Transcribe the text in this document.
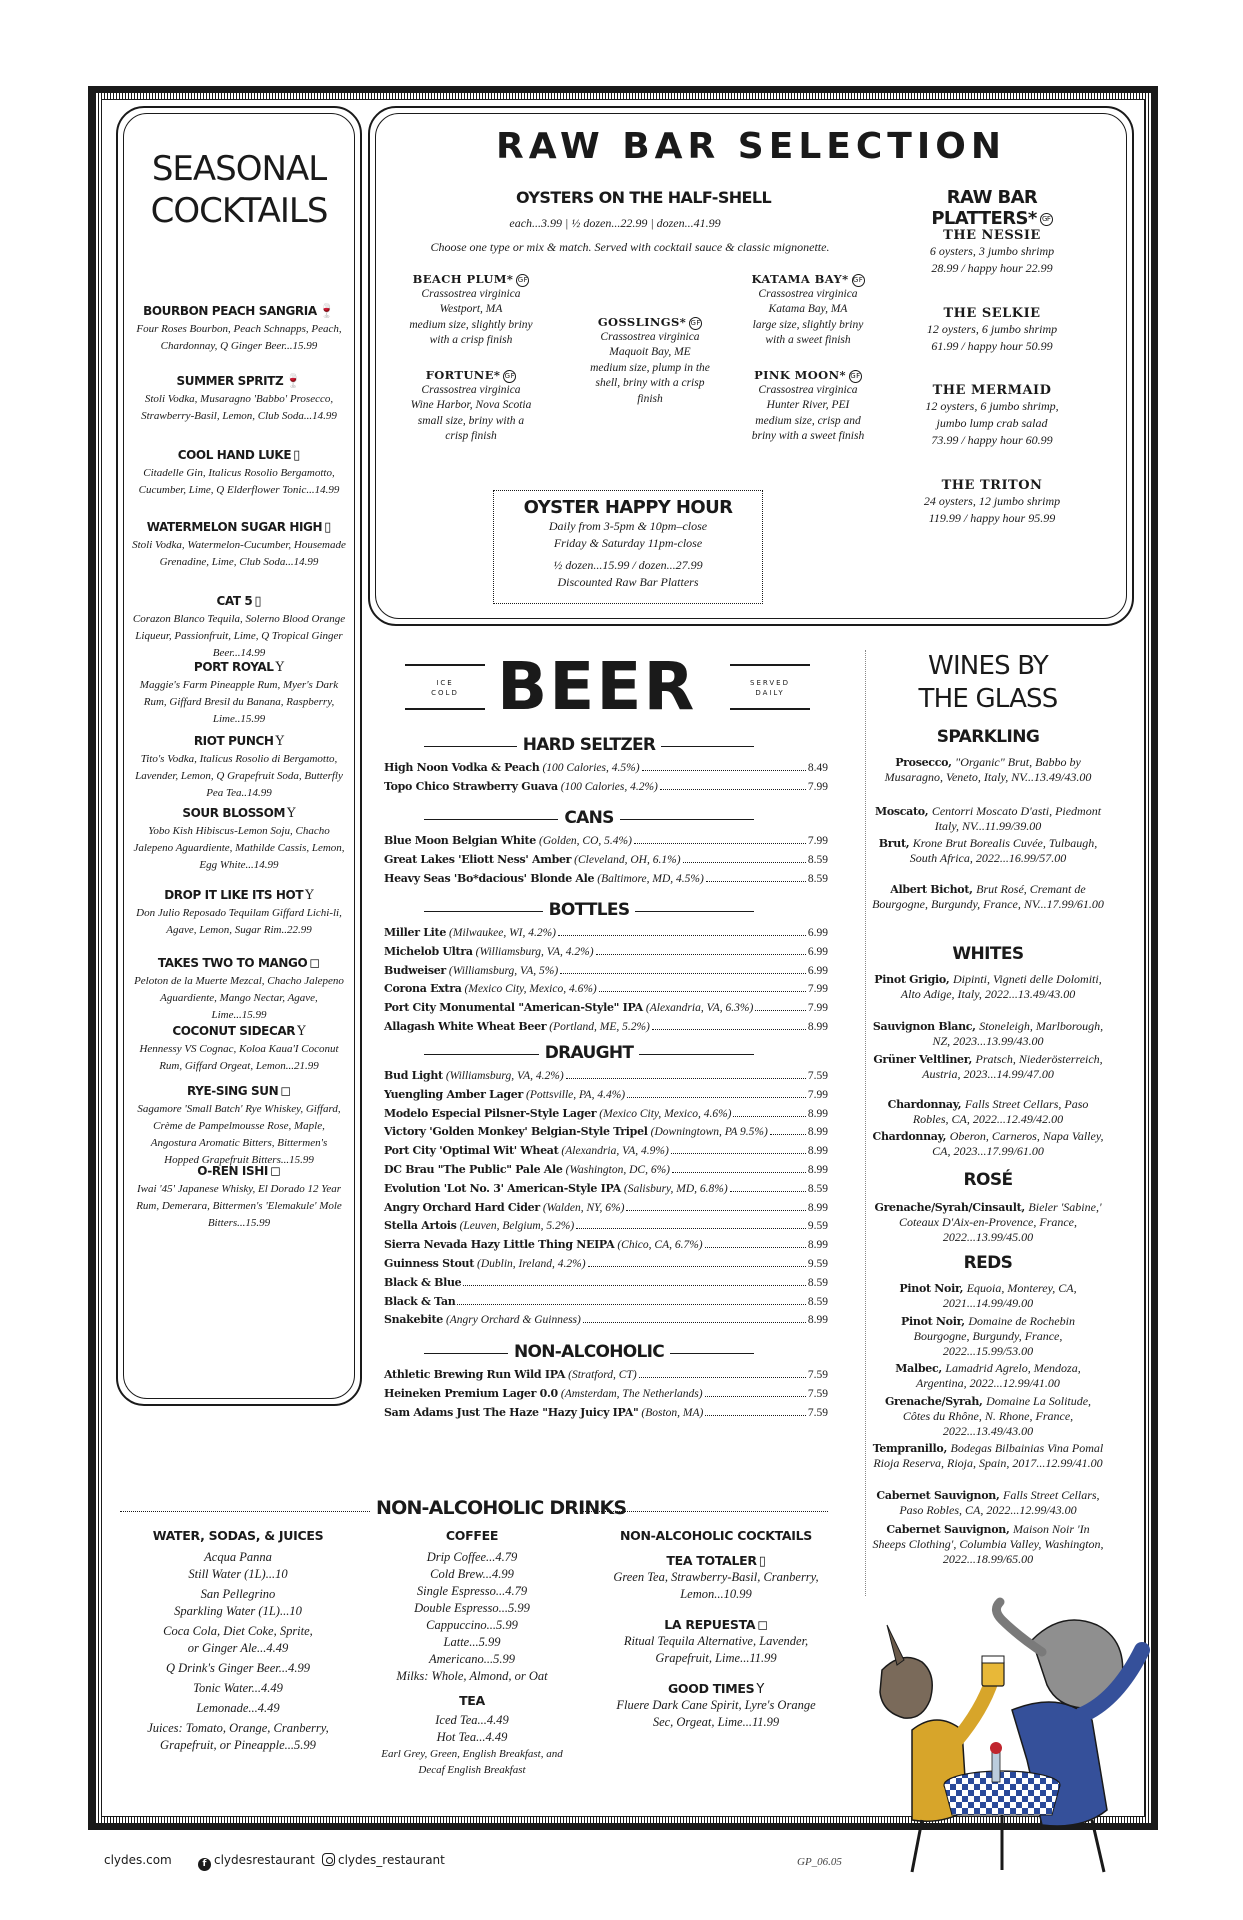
SEASONAL
COCKTAILS
BOURBON PEACH SANGRIA 🍷
Four Roses Bourbon, Peach Schnapps, Peach, Chardonnay, Q Ginger Beer...15.99
SUMMER SPRITZ 🍷
Stoli Vodka, Musaragno 'Babbo' Prosecco, Strawberry-Basil, Lemon, Club Soda...14.99
COOL HAND LUKE ▯
Citadelle Gin, Italicus Rosolio Bergamotto, Cucumber, Lime, Q Elderflower Tonic...14.99
WATERMELON SUGAR HIGH ▯
Stoli Vodka, Watermelon-Cucumber, Housemade Grenadine, Lime, Club Soda...14.99
CAT 5 ▯
Corazon Blanco Tequila, Solerno Blood Orange Liqueur, Passionfruit, Lime, Q Tropical Ginger Beer...14.99
PORT ROYAL Y
Maggie's Farm Pineapple Rum, Myer's Dark Rum, Giffard Bresil du Banana, Raspberry, Lime..15.99
RIOT PUNCH Y
Tito's Vodka, Italicus Rosolio di Bergamotto, Lavender, Lemon, Q Grapefruit Soda, Butterfly Pea Tea..14.99
SOUR BLOSSOM Y
Yobo Kish Hibiscus-Lemon Soju, Chacho Jalepeno Aguardiente, Mathilde Cassis, Lemon, Egg White...14.99
DROP IT LIKE ITS HOT Y
Don Julio Reposado Tequilam Giffard Lichi-li, Agave, Lemon, Sugar Rim..22.99
TAKES TWO TO MANGO ◻
Peloton de la Muerte Mezcal, Chacho Jalepeno Aguardiente, Mango Nectar, Agave, Lime...15.99
COCONUT SIDECAR Y
Hennessy VS Cognac, Koloa Kaua'I Coconut Rum, Giffard Orgeat, Lemon...21.99
RYE-SING SUN ◻
Sagamore 'Small Batch' Rye Whiskey, Giffard, Crème de Pampelmousse Rose, Maple, Angostura Aromatic Bitters, Bittermen's Hopped Grapefruit Bitters...15.99
O-REN ISHI ◻
Iwai '45' Japanese Whisky, El Dorado 12 Year Rum, Demerara, Bittermen's 'Elemakule' Mole Bitters...15.99
RAW BAR SELECTION
OYSTERS ON THE HALF-SHELL
each...3.99 | ½ dozen...22.99 | dozen...41.99
Choose one type or mix & match. Served with cocktail sauce & classic mignonette.
BEACH PLUM* GF
Crassostrea virginica
Westport, MA
medium size, slightly briny
with a crisp finish
FORTUNE* GF
Crassostrea virginica
Wine Harbor, Nova Scotia
small size, briny with a
crisp finish
GOSSLINGS* GF
Crassostrea virginica
Maquoit Bay, ME
medium size, plump in the
shell, briny with a crisp
finish
KATAMA BAY* GF
Crassostrea virginica
Katama Bay, MA
large size, slightly briny
with a sweet finish
PINK MOON* GF
Crassostrea virginica
Hunter River, PEI
medium size, crisp and
briny with a sweet finish
RAW BAR PLATTERS* GF
THE NESSIE
6 oysters, 3 jumbo shrimp
28.99 / happy hour 22.99
THE SELKIE
12 oysters, 6 jumbo shrimp
61.99 / happy hour 50.99
THE MERMAID
12 oysters, 6 jumbo shrimp,
jumbo lump crab salad
73.99 / happy hour 60.99
THE TRITON
24 oysters, 12 jumbo shrimp
119.99 / happy hour 95.99
OYSTER HAPPY HOUR
Daily from 3-5pm & 10pm–close
Friday & Saturday 11pm-close
½ dozen...15.99 / dozen...27.99
Discounted Raw Bar Platters
ICE
COLD BEER	SERVED
DAILY
HARD SELTZER
High Noon Vodka & Peach (100 Calories, 4.5%)	8.49
Topo Chico Strawberry Guava (100 Calories, 4.2%)	7.99
CANS
Blue Moon Belgian White (Golden, CO, 5.4%)	7.99
Great Lakes 'Eliott Ness' Amber (Cleveland, OH, 6.1%)	8.59
Heavy Seas 'Bo*dacious' Blonde Ale (Baltimore, MD, 4.5%)	8.59
BOTTLES
Miller Lite (Milwaukee, WI, 4.2%)	6.99
Michelob Ultra (Williamsburg, VA, 4.2%)	6.99
Budweiser (Williamsburg, VA, 5%)	6.99
Corona Extra (Mexico City, Mexico, 4.6%)	7.99
Port City Monumental "American-Style" IPA (Alexandria, VA, 6.3%)	7.99
Allagash White Wheat Beer (Portland, ME, 5.2%)	8.99
DRAUGHT
Bud Light (Williamsburg, VA, 4.2%)	7.59
Yuengling Amber Lager (Pottsville, PA, 4.4%)	7.99
Modelo Especial Pilsner-Style Lager (Mexico City, Mexico, 4.6%)	8.99
Victory 'Golden Monkey' Belgian-Style Tripel (Downingtown, PA 9.5%)	8.99
Port City 'Optimal Wit' Wheat (Alexandria, VA, 4.9%)	8.99
DC Brau "The Public" Pale Ale (Washington, DC, 6%)	8.99
Evolution 'Lot No. 3' American-Style IPA (Salisbury, MD, 6.8%)	8.59
Angry Orchard Hard Cider (Walden, NY, 6%)	8.99
Stella Artois (Leuven, Belgium, 5.2%)	9.59
Sierra Nevada Hazy Little Thing NEIPA (Chico, CA, 6.7%)	8.99
Guinness Stout (Dublin, Ireland, 4.2%)	9.59
Black & Blue	8.59
Black & Tan	8.59
Snakebite (Angry Orchard & Guinness)	8.99
NON-ALCOHOLIC
Athletic Brewing Run Wild IPA (Stratford, CT)	7.59
Heineken Premium Lager 0.0 (Amsterdam, The Netherlands)	7.59
Sam Adams Just The Haze "Hazy Juicy IPA" (Boston, MA)	7.59
WINES BY
THE GLASS
SPARKLING
Prosecco, "Organic" Brut, Babbo by Musaragno, Veneto, Italy, NV...13.49/43.00
Moscato, Centorri Moscato D'asti, Piedmont Italy, NV...11.99/39.00
Brut, Krone Brut Borealis Cuvée, Tulbaugh, South Africa, 2022...16.99/57.00
Albert Bichot, Brut Rosé, Cremant de Bourgogne, Burgundy, France, NV...17.99/61.00
WHITES
Pinot Grigio, Dipinti, Vigneti delle Dolomiti, Alto Adige, Italy, 2022...13.49/43.00
Sauvignon Blanc, Stoneleigh, Marlborough, NZ, 2023...13.99/43.00
Grüner Veltliner, Pratsch, Niederösterreich, Austria, 2023...14.99/47.00
Chardonnay, Falls Street Cellars, Paso Robles, CA, 2022...12.49/42.00
Chardonnay, Oberon, Carneros, Napa Valley, CA, 2023...17.99/61.00
ROSÉ
Grenache/Syrah/Cinsault, Bieler 'Sabine,' Coteaux D'Aix-en-Provence, France, 2022...13.99/45.00
REDS
Pinot Noir, Equoia, Monterey, CA, 2021...14.99/49.00
Pinot Noir, Domaine de Rochebin Bourgogne, Burgundy, France, 2022...15.99/53.00
Malbec, Lamadrid Agrelo, Mendoza, Argentina, 2022...12.99/41.00
Grenache/Syrah, Domaine La Solitude, Côtes du Rhône, N. Rhone, France, 2022...13.49/43.00
Tempranillo, Bodegas Bilbainias Vina Pomal Rioja Reserva, Rioja, Spain, 2017...12.99/41.00
Cabernet Sauvignon, Falls Street Cellars, Paso Robles, CA, 2022...12.99/43.00
Cabernet Sauvignon, Maison Noir 'In Sheeps Clothing', Columbia Valley, Washington, 2022...18.99/65.00
NON-ALCOHOLIC DRINKS
WATER, SODAS, & JUICES
Acqua Panna
Still Water (1L)...10
San Pellegrino
Sparkling Water (1L)...10
Coca Cola, Diet Coke, Sprite,
or Ginger Ale...4.49
Q Drink's Ginger Beer...4.99
Tonic Water...4.49
Lemonade...4.49
Juices: Tomato, Orange, Cranberry,
Grapefruit, or Pineapple...5.99
COFFEE
Drip Coffee...4.79
Cold Brew...4.99
Single Espresso...4.79
Double Espresso...5.99
Cappuccino...5.99
Latte...5.99
Americano...5.99
Milks: Whole, Almond, or Oat
TEA
Iced Tea...4.49
Hot Tea...4.49
Earl Grey, Green, English Breakfast, and
Decaf English Breakfast
NON-ALCOHOLIC COCKTAILS
TEA TOTALER ▯
Green Tea, Strawberry-Basil, Cranberry,
Lemon...10.99
LA REPUESTA ◻
Ritual Tequila Alternative, Lavender,
Grapefruit, Lime...11.99
GOOD TIMES Y
Fluere Dark Cane Spirit, Lyre's Orange
Sec, Orgeat, Lime...11.99
clydes.com	f clydesrestaurant	clydes_restaurant	GP_06.05
